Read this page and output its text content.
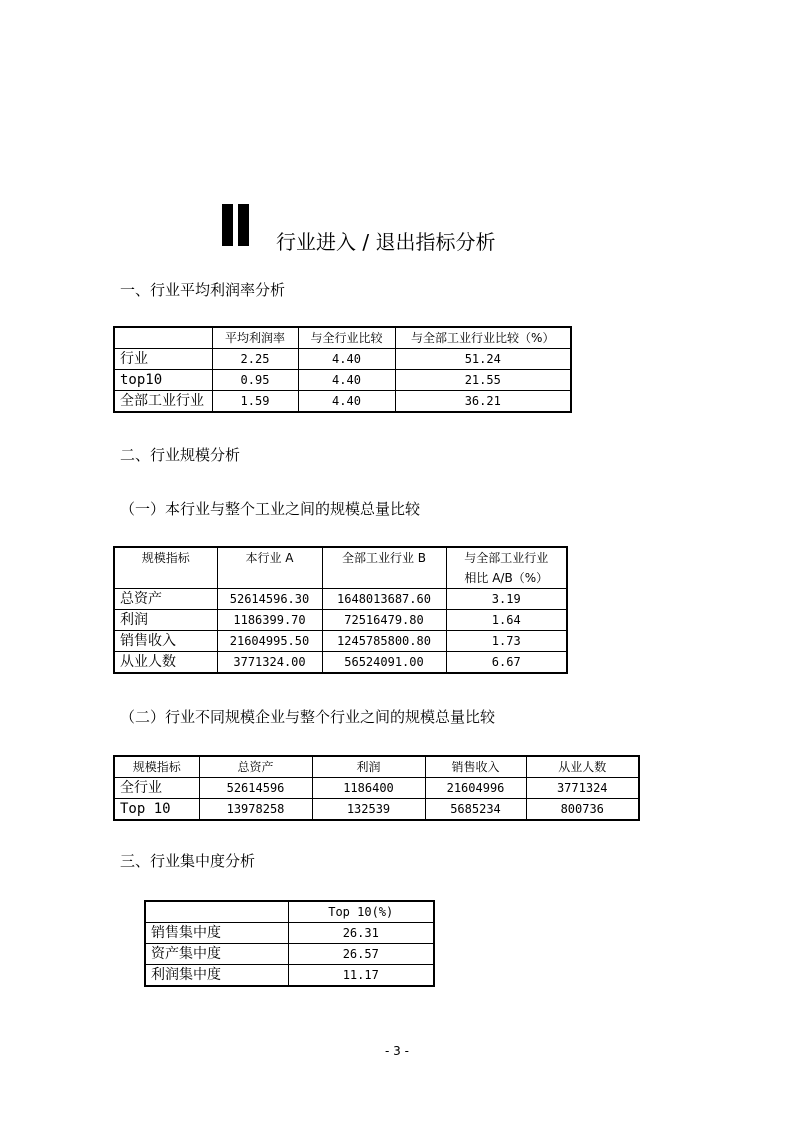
行业进入 / 退出指标分析
一、行业平均利润率分析
	平均利润率	与全行业比较	与全部工业行业比较（%）
行业	2.25	4.40	51.24
top10	0.95	4.40	21.55
全部工业行业	1.59	4.40	36.21
二、行业规模分析
（一）本行业与整个工业之间的规模总量比较
规模指标	本行业 A	全部工业行业 B	与全部工业行业
相比 A/B（%）

总资产	52614596.30	1648013687.60	3.19
利润	1186399.70	72516479.80	1.64
销售收入	21604995.50	1245785800.80	1.73
从业人数	3771324.00	56524091.00	6.67
（二）行业不同规模企业与整个行业之间的规模总量比较
规模指标	总资产	利润	销售收入	从业人数
全行业	52614596	1186400	21604996	3771324
Top 10	13978258	132539	5685234	800736
三、行业集中度分析
	Top 10(%)
销售集中度	26.31
资产集中度	26.57
利润集中度	11.17
- 3 -
